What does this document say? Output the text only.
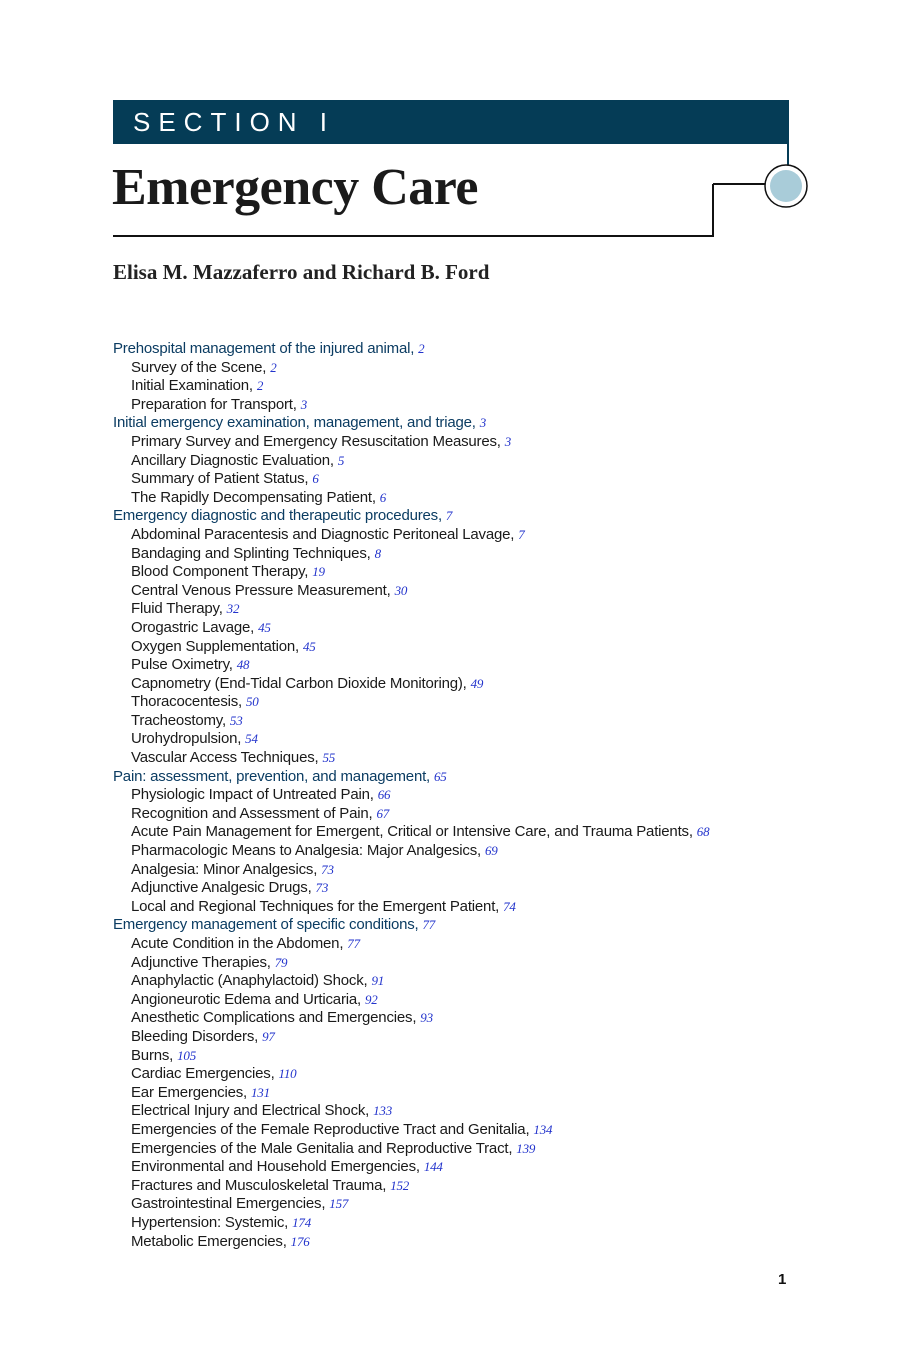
SECTION I
Emergency Care
Elisa M. Mazzaferro and Richard B. Ford
Prehospital management of the injured animal, 2
Survey of the Scene, 2
Initial Examination, 2
Preparation for Transport, 3
Initial emergency examination, management, and triage, 3
Primary Survey and Emergency Resuscitation Measures, 3
Ancillary Diagnostic Evaluation, 5
Summary of Patient Status, 6
The Rapidly Decompensating Patient, 6
Emergency diagnostic and therapeutic procedures, 7
Abdominal Paracentesis and Diagnostic Peritoneal Lavage, 7
Bandaging and Splinting Techniques, 8
Blood Component Therapy, 19
Central Venous Pressure Measurement, 30
Fluid Therapy, 32
Orogastric Lavage, 45
Oxygen Supplementation, 45
Pulse Oximetry, 48
Capnometry (End-Tidal Carbon Dioxide Monitoring), 49
Thoracocentesis, 50
Tracheostomy, 53
Urohydropulsion, 54
Vascular Access Techniques, 55
Pain: assessment, prevention, and management, 65
Physiologic Impact of Untreated Pain, 66
Recognition and Assessment of Pain, 67
Acute Pain Management for Emergent, Critical or Intensive Care, and Trauma Patients, 68
Pharmacologic Means to Analgesia: Major Analgesics, 69
Analgesia: Minor Analgesics, 73
Adjunctive Analgesic Drugs, 73
Local and Regional Techniques for the Emergent Patient, 74
Emergency management of specific conditions, 77
Acute Condition in the Abdomen, 77
Adjunctive Therapies, 79
Anaphylactic (Anaphylactoid) Shock, 91
Angioneurotic Edema and Urticaria, 92
Anesthetic Complications and Emergencies, 93
Bleeding Disorders, 97
Burns, 105
Cardiac Emergencies, 110
Ear Emergencies, 131
Electrical Injury and Electrical Shock, 133
Emergencies of the Female Reproductive Tract and Genitalia, 134
Emergencies of the Male Genitalia and Reproductive Tract, 139
Environmental and Household Emergencies, 144
Fractures and Musculoskeletal Trauma, 152
Gastrointestinal Emergencies, 157
Hypertension: Systemic, 174
Metabolic Emergencies, 176
1
